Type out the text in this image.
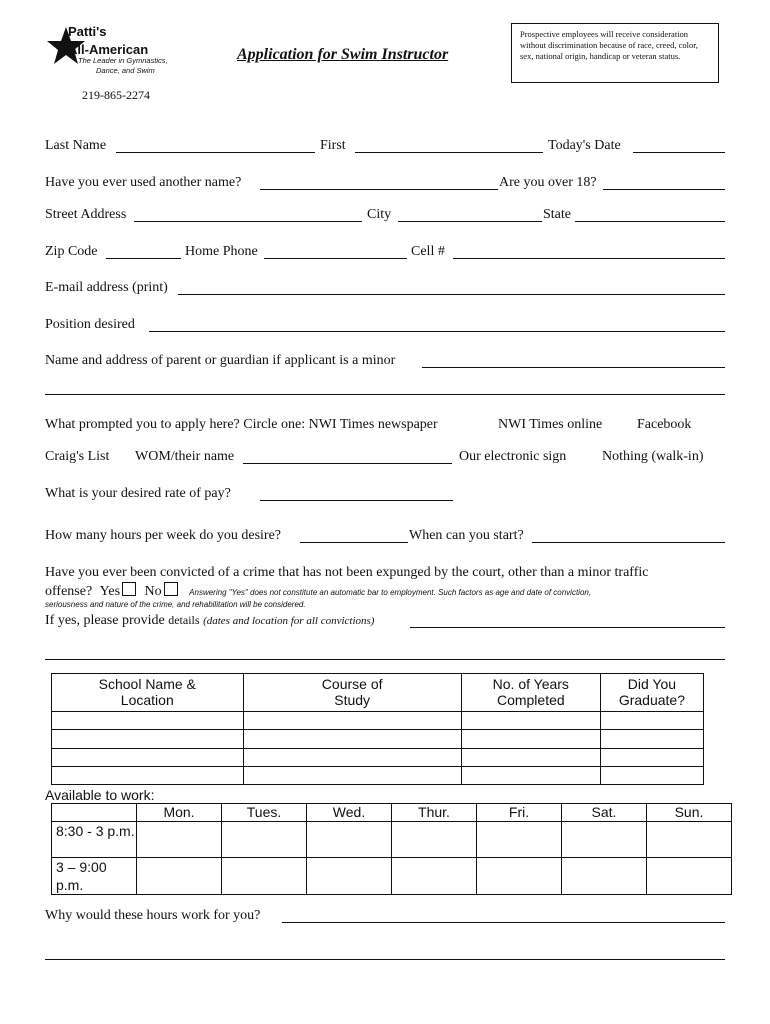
Patti's
All-American
The Leader in Gymnastics,
Dance, and Swim
Application for Swim Instructor
Prospective employees will receive consideration without discrimination because of race, creed, color, sex, national origin, handicap or veteran status.
219-865-2274
Last Name	First	Today's Date
Have you ever used another name?	Are you over 18?
Street Address	City	State
Zip Code	Home Phone	Cell #
E-mail address (print)
Position desired
Name and address of parent or guardian if applicant is a minor
What prompted you to apply here? Circle one: NWI Times newspaper	NWI Times online Facebook
Craig's List WOM/their name	Our electronic sign	Nothing (walk-in)
What is your desired rate of pay?
How many hours per week do you desire?	When can you start?
Have you ever been convicted of a crime that has not been expunged by the court, other than a minor traffic
offense? Yes No	Answering "Yes" does not constitute an automatic bar to employment. Such factors as age and date of conviction,
seriousness and nature of the crime, and rehabilitation will be considered.
If yes, please provide details (dates and location for all convictions)
School Name & Location	Course of Study	No. of Years Completed	Did You Graduate?

Available to work:
	Mon.	Tues.	Wed.	Thur.	Fri.	Sat.	Sun.
8:30 - 3 p.m.							
3 – 9:00 p.m.							
Why would these hours work for you?
